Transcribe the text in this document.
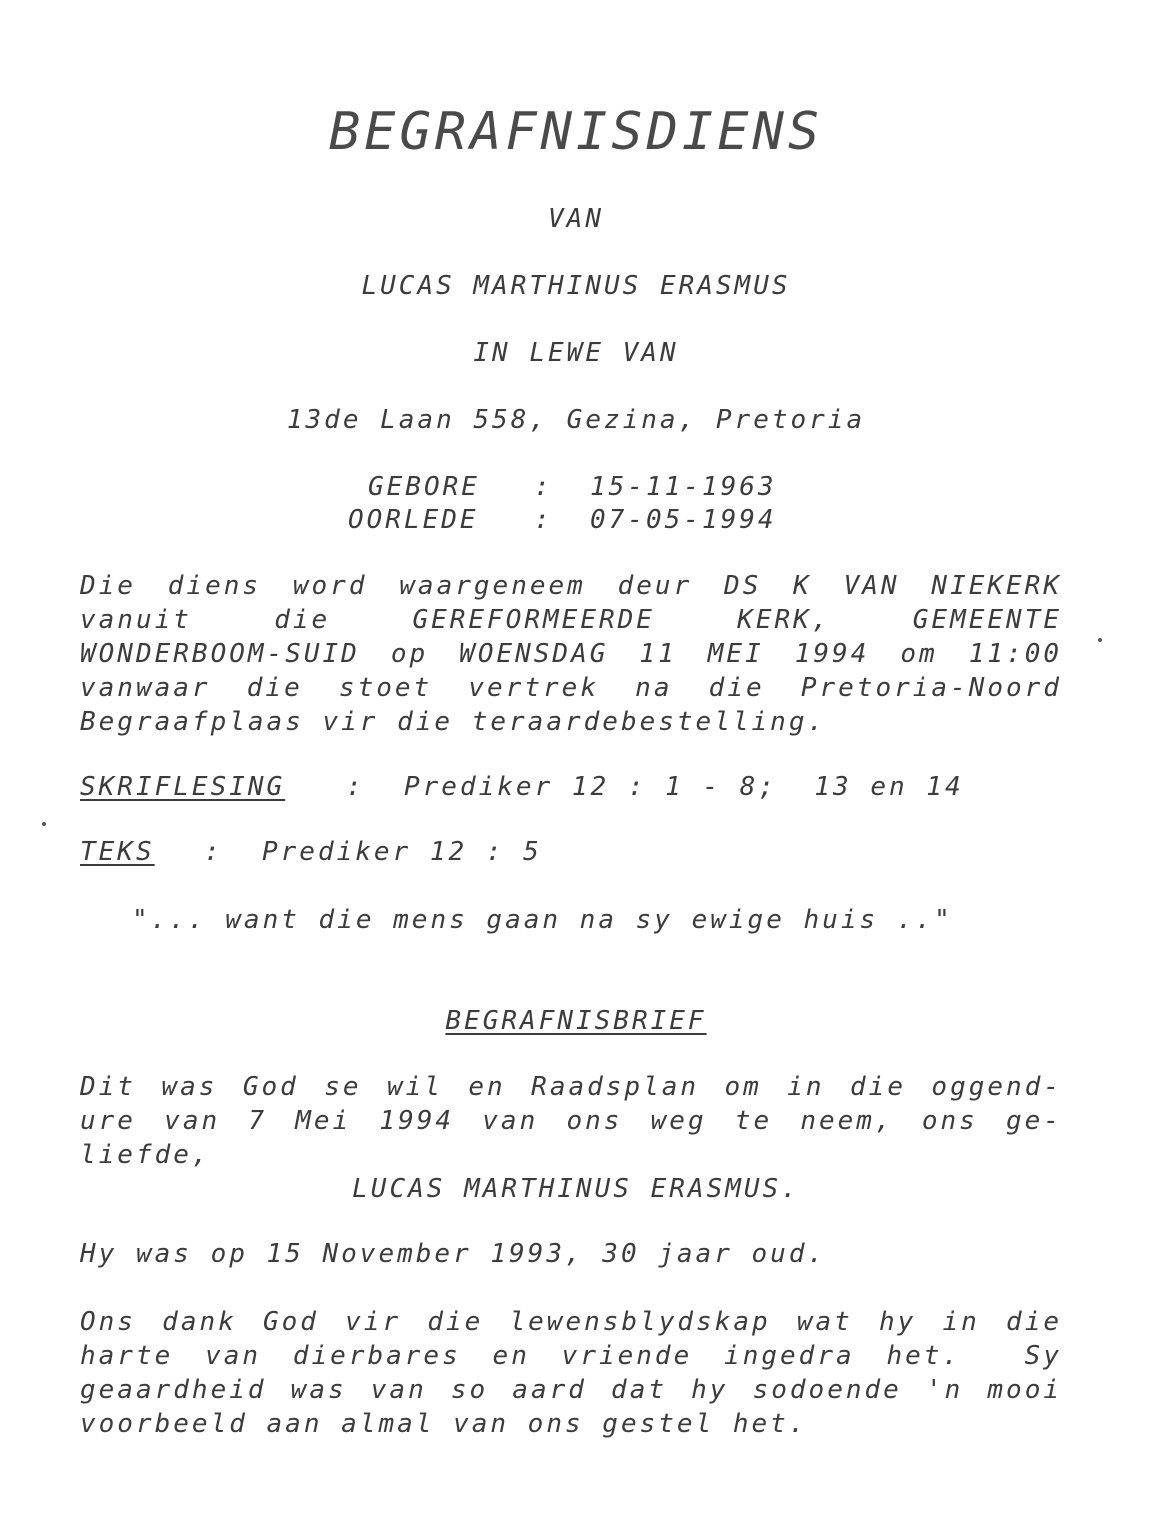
BEGRAFNISDIENS
VAN
LUCAS MARTHINUS ERASMUS
IN LEWE VAN
13de Laan 558, Gezina, Pretoria
GEBORE : 15-11-1963
OORLEDE : 07-05-1994
Die diens word waargeneem deur DS K VAN NIEKERK
vanuit die GEREFORMEERDE KERK, GEMEENTE
WONDERBOOM-SUID op WOENSDAG 11 MEI 1994 om 11:00
vanwaar die stoet vertrek na die Pretoria-Noord
Begraafplaas vir die teraardebestelling.
SKRIFLESING : Prediker 12 : 1 - 8;  13 en 14
TEKS : Prediker 12 : 5
"... want die mens gaan na sy ewige huis .."
BEGRAFNISBRIEF
Dit was God se wil en Raadsplan om in die oggend-
ure van 7 Mei 1994 van ons weg te neem, ons ge-
liefde,
LUCAS MARTHINUS ERASMUS.
Hy was op 15 November 1993, 30 jaar oud.
Ons dank God vir die lewensblydskap wat hy in die
harte van dierbares en vriende ingedra het.  Sy
geaardheid was van so aard dat hy sodoende 'n mooi
voorbeeld aan almal van ons gestel het.
